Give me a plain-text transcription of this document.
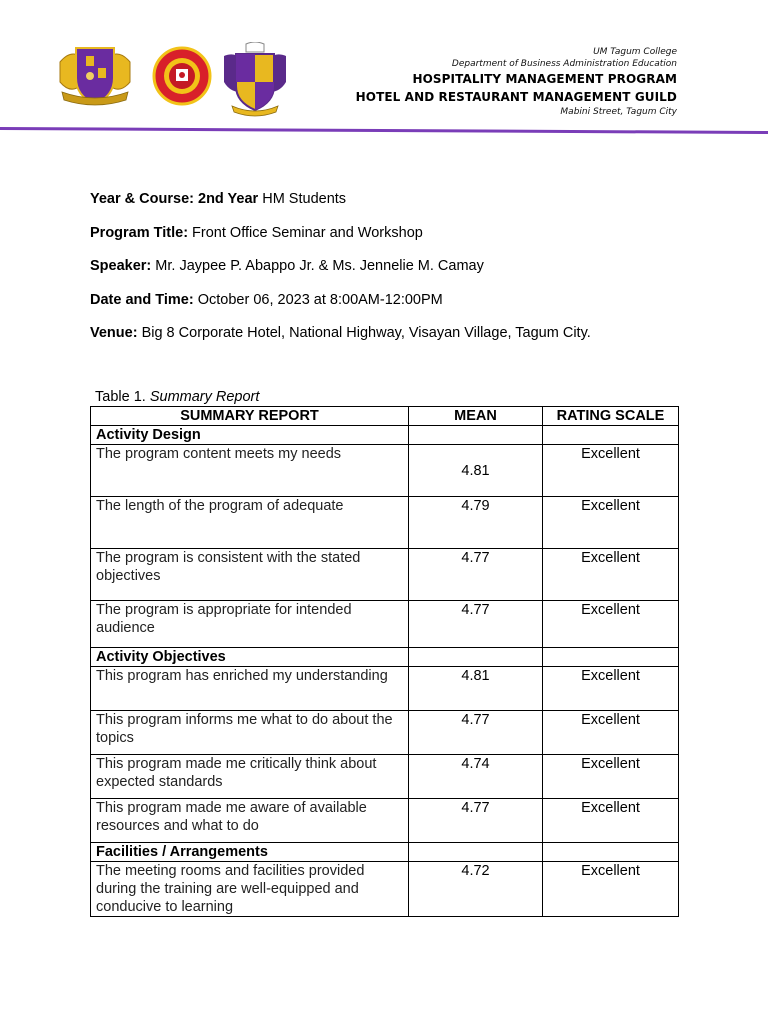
UM Tagum College
Department of Business Administration Education
HOSPITALITY MANAGEMENT PROGRAM
HOTEL AND RESTAURANT MANAGEMENT GUILD
Mabini Street, Tagum City

Year & Course: 2nd Year HM Students

Program Title: Front Office Seminar and Workshop

Speaker: Mr. Jaypee P. Abappo Jr. & Ms. Jennelie M. Camay

Date and Time: October 06, 2023 at 8:00AM-12:00PM

Venue: Big 8 Corporate Hotel, National Highway, Visayan Village, Tagum City.

Table 1. Summary Report
SUMMARY REPORT	MEAN	RATING SCALE
Activity Design		
The program content meets my needs	4.81	Excellent
The length of the program of adequate	4.79	Excellent
The program is consistent with the stated objectives	4.77	Excellent
The program is appropriate for intended audience	4.77	Excellent
Activity Objectives		
This program has enriched my understanding	4.81	Excellent
This program informs me what to do about the topics	4.77	Excellent
This program made me critically think about expected standards	4.74	Excellent
This program made me aware of available resources and what to do	4.77	Excellent
Facilities / Arrangements		
The meeting rooms and facilities provided during the training are well-equipped and conducive to learning	4.72	Excellent
